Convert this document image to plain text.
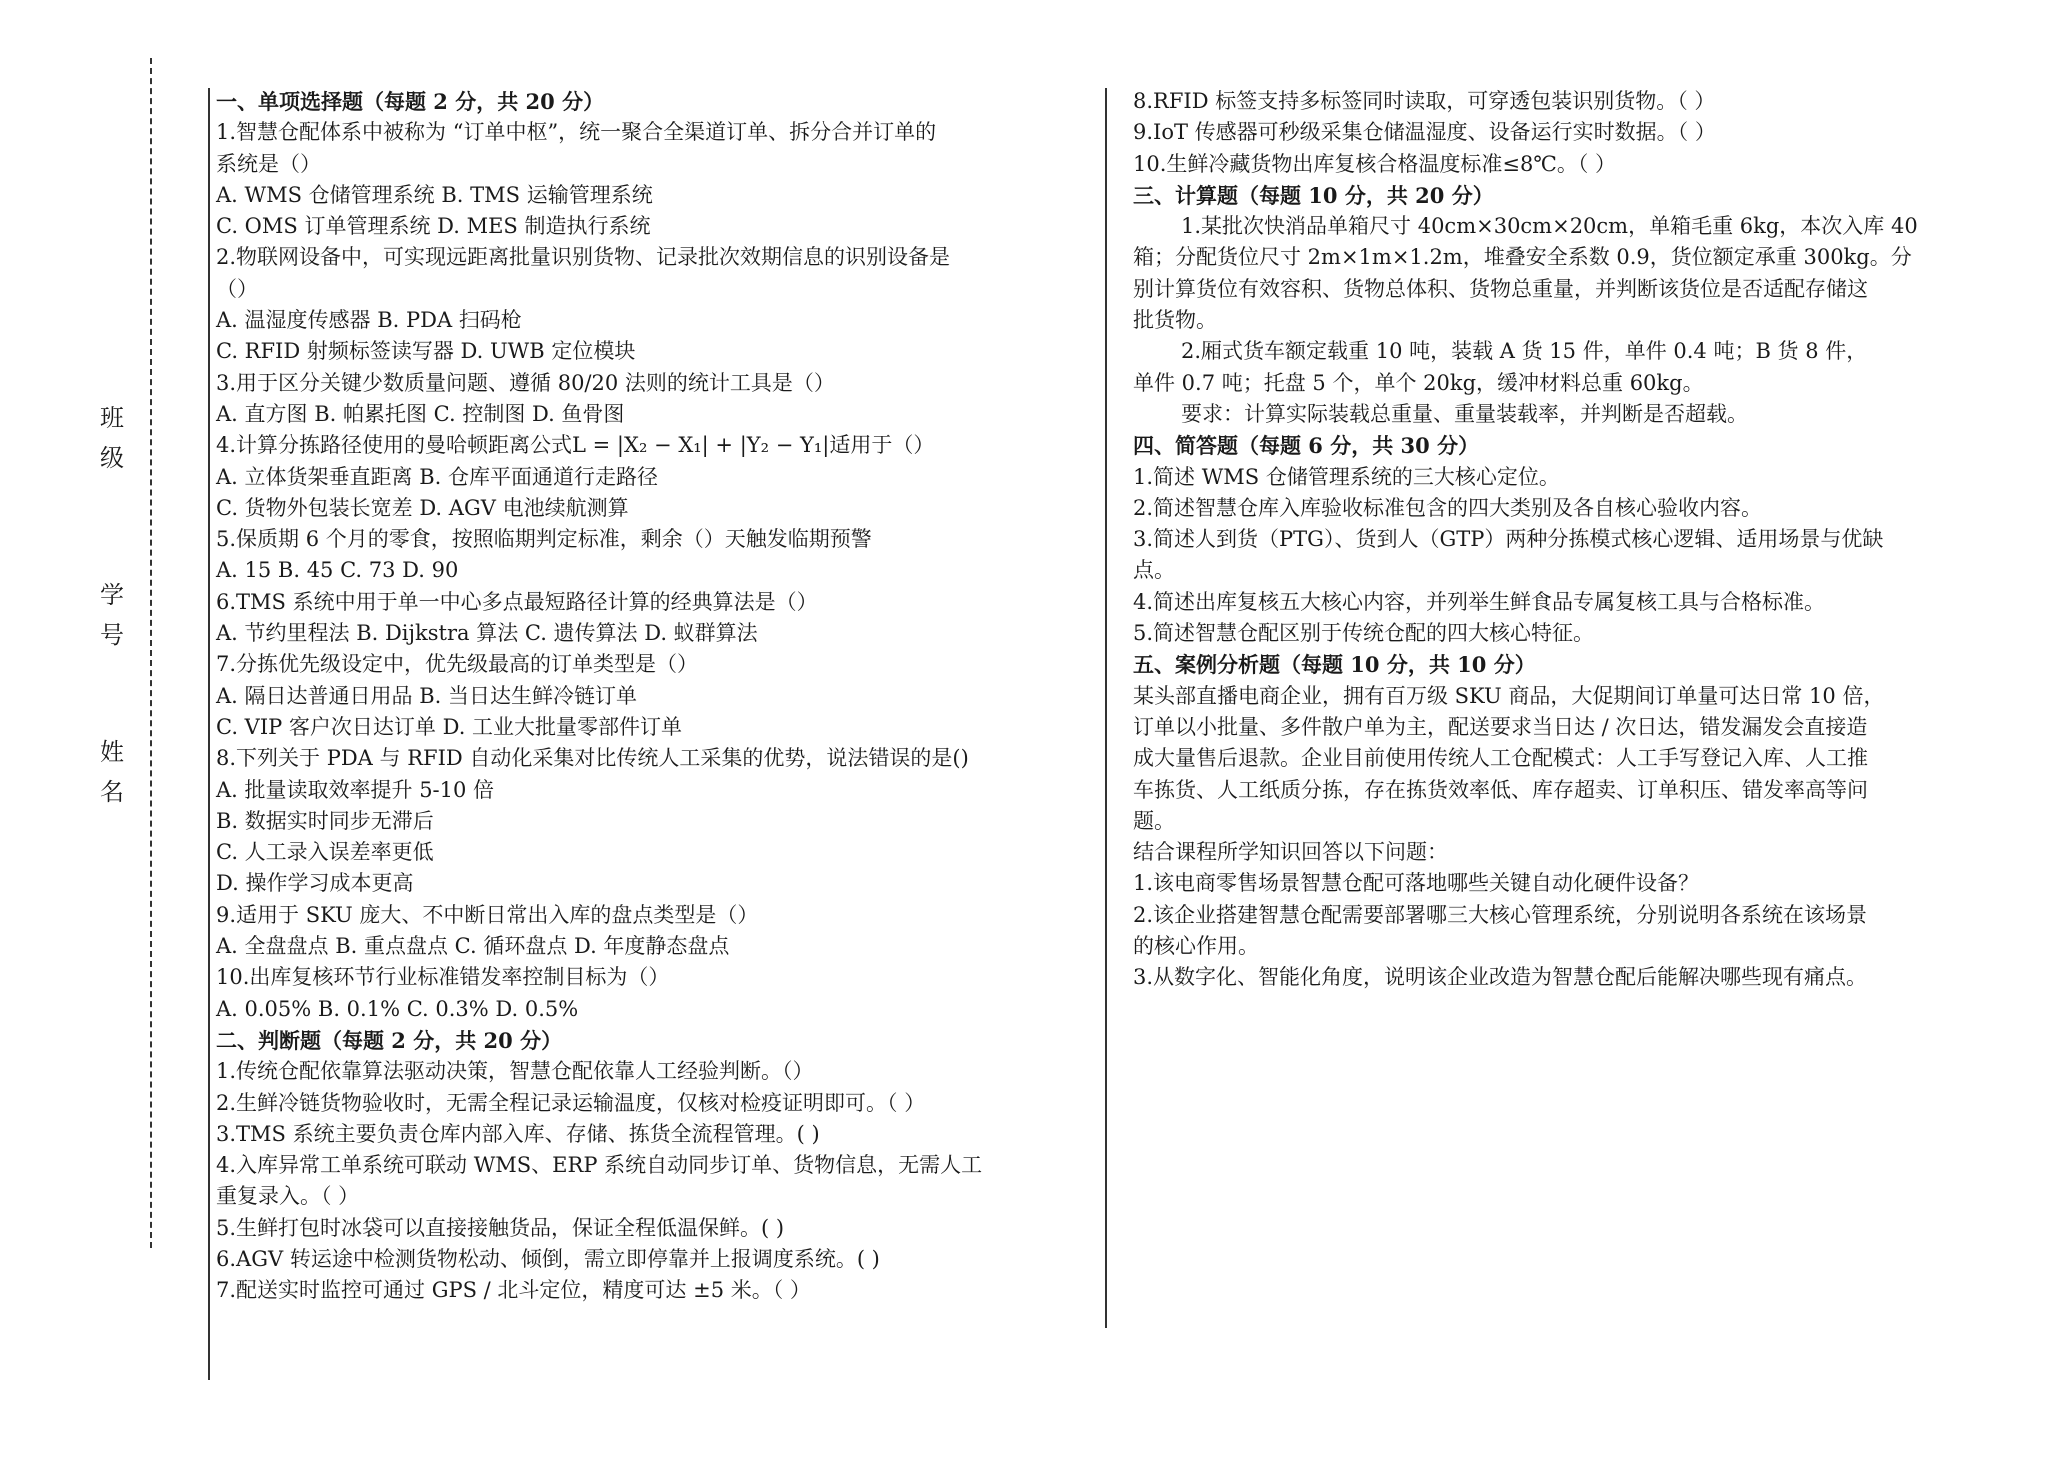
班
级
学
号
姓
名
一、单项选择题（每题 2 分，共 20 分）
1.智慧仓配体系中被称为 “订单中枢”，统一聚合全渠道订单、拆分合并订单的
系统是（）
A. WMS 仓储管理系统 B. TMS 运输管理系统
C. OMS 订单管理系统 D. MES 制造执行系统
2.物联网设备中，可实现远距离批量识别货物、记录批次效期信息的识别设备是
（）
A. 温湿度传感器 B. PDA 扫码枪
C. RFID 射频标签读写器 D. UWB 定位模块
3.用于区分关键少数质量问题、遵循 80/20 法则的统计工具是（）
A. 直方图 B. 帕累托图 C. 控制图 D. 鱼骨图
4.计算分拣路径使用的曼哈顿距离公式L = |X₂ − X₁| + |Y₂ − Y₁|适用于（）
A. 立体货架垂直距离 B. 仓库平面通道行走路径
C. 货物外包装长宽差 D. AGV 电池续航测算
5.保质期 6 个月的零食，按照临期判定标准，剩余（）天触发临期预警
A. 15 B. 45 C. 73 D. 90
6.TMS 系统中用于单一中心多点最短路径计算的经典算法是（）
A. 节约里程法 B. Dijkstra 算法 C. 遗传算法 D. 蚁群算法
7.分拣优先级设定中，优先级最高的订单类型是（）
A. 隔日达普通日用品 B. 当日达生鲜冷链订单
C. VIP 客户次日达订单 D. 工业大批量零部件订单
8.下列关于 PDA 与 RFID 自动化采集对比传统人工采集的优势，说法错误的是()
A. 批量读取效率提升 5-10 倍
B. 数据实时同步无滞后
C. 人工录入误差率更低
D. 操作学习成本更高
9.适用于 SKU 庞大、不中断日常出入库的盘点类型是（）
A. 全盘盘点 B. 重点盘点 C. 循环盘点 D. 年度静态盘点
10.出库复核环节行业标准错发率控制目标为（）
A. 0.05% B. 0.1% C. 0.3% D. 0.5%
二、判断题（每题 2 分，共 20 分）
1.传统仓配依靠算法驱动决策，智慧仓配依靠人工经验判断。（）
2.生鲜冷链货物验收时，无需全程记录运输温度，仅核对检疫证明即可。（ ）
3.TMS 系统主要负责仓库内部入库、存储、拣货全流程管理。( )
4.入库异常工单系统可联动 WMS、ERP 系统自动同步订单、货物信息，无需人工
重复录入。（ ）
5.生鲜打包时冰袋可以直接接触货品，保证全程低温保鲜。( )
6.AGV 转运途中检测货物松动、倾倒，需立即停靠并上报调度系统。( )
7.配送实时监控可通过 GPS / 北斗定位，精度可达 ±5 米。（ ）
8.RFID 标签支持多标签同时读取，可穿透包装识别货物。（ ）
9.IoT 传感器可秒级采集仓储温湿度、设备运行实时数据。（ ）
10.生鲜冷藏货物出库复核合格温度标准≤8℃。（ ）
三、计算题（每题 10 分，共 20 分）
1.某批次快消品单箱尺寸 40cm×30cm×20cm，单箱毛重 6kg，本次入库 40
箱；分配货位尺寸 2m×1m×1.2m，堆叠安全系数 0.9，货位额定承重 300kg。分
别计算货位有效容积、货物总体积、货物总重量，并判断该货位是否适配存储这
批货物。
2.厢式货车额定载重 10 吨，装载 A 货 15 件，单件 0.4 吨；B 货 8 件，
单件 0.7 吨；托盘 5 个，单个 20kg，缓冲材料总重 60kg。
要求：计算实际装载总重量、重量装载率，并判断是否超载。
四、简答题（每题 6 分，共 30 分）
1.简述 WMS 仓储管理系统的三大核心定位。
2.简述智慧仓库入库验收标准包含的四大类别及各自核心验收内容。
3.简述人到货（PTG）、货到人（GTP）两种分拣模式核心逻辑、适用场景与优缺
点。
4.简述出库复核五大核心内容，并列举生鲜食品专属复核工具与合格标准。
5.简述智慧仓配区别于传统仓配的四大核心特征。
五、案例分析题（每题 10 分，共 10 分）
某头部直播电商企业，拥有百万级 SKU 商品，大促期间订单量可达日常 10 倍，
订单以小批量、多件散户单为主，配送要求当日达 / 次日达，错发漏发会直接造
成大量售后退款。企业目前使用传统人工仓配模式：人工手写登记入库、人工推
车拣货、人工纸质分拣，存在拣货效率低、库存超卖、订单积压、错发率高等问
题。
结合课程所学知识回答以下问题：
1.该电商零售场景智慧仓配可落地哪些关键自动化硬件设备？
2.该企业搭建智慧仓配需要部署哪三大核心管理系统，分别说明各系统在该场景
的核心作用。
3.从数字化、智能化角度，说明该企业改造为智慧仓配后能解决哪些现有痛点。
